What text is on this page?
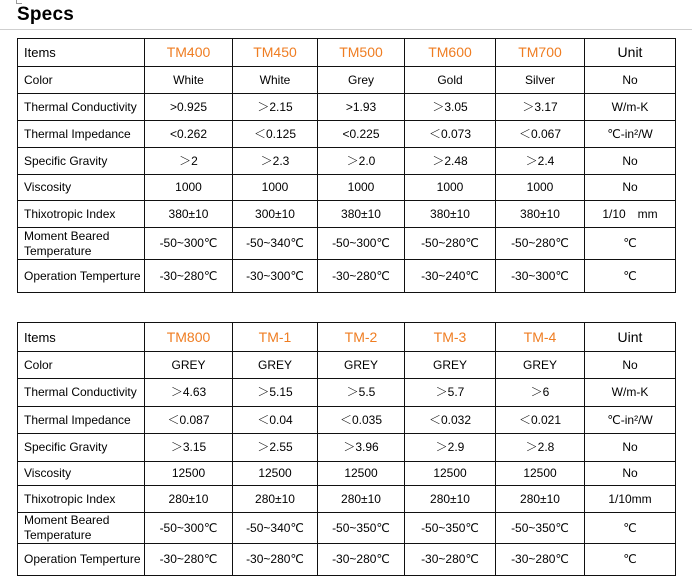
Specs
Items	TM400	TM450	TM500	TM600	TM700	Unit
Color	White	White	Grey	Gold	Silver	No
Thermal Conductivity	>0.925	＞2.15	>1.93	＞3.05	＞3.17	W/m-K
Thermal Impedance	<0.262	＜0.125	<0.225	＜0.073	＜0.067	℃-in²/W
Specific Gravity	＞2	＞2.3	＞2.0	＞2.48	＞2.4	No
Viscosity	1000	1000	1000	1000	1000	No
Thixotropic Index	380±10	300±10	380±10	380±10	380±10	1/10　mm
Moment Beared Temperature	-50~300℃	-50~340℃	-50~300℃	-50~280℃	-50~280℃	℃
Operation Temperture	-30~280℃	-30~300℃	-30~280℃	-30~240℃	-30~300℃	℃
Items	TM800	TM-1	TM-2	TM-3	TM-4	Uint
Color	GREY	GREY	GREY	GREY	GREY	No
Thermal Conductivity	＞4.63	＞5.15	＞5.5	＞5.7	＞6	W/m-K
Thermal Impedance	＜0.087	＜0.04	＜0.035	＜0.032	＜0.021	℃-in²/W
Specific Gravity	＞3.15	＞2.55	＞3.96	＞2.9	＞2.8	No
Viscosity	12500	12500	12500	12500	12500	No
Thixotropic Index	280±10	280±10	280±10	280±10	280±10	1/10mm
Moment Beared Temperature	-50~300℃	-50~340℃	-50~350℃	-50~350℃	-50~350℃	℃
Operation Temperture	-30~280℃	-30~280℃	-30~280℃	-30~280℃	-30~280℃	℃
